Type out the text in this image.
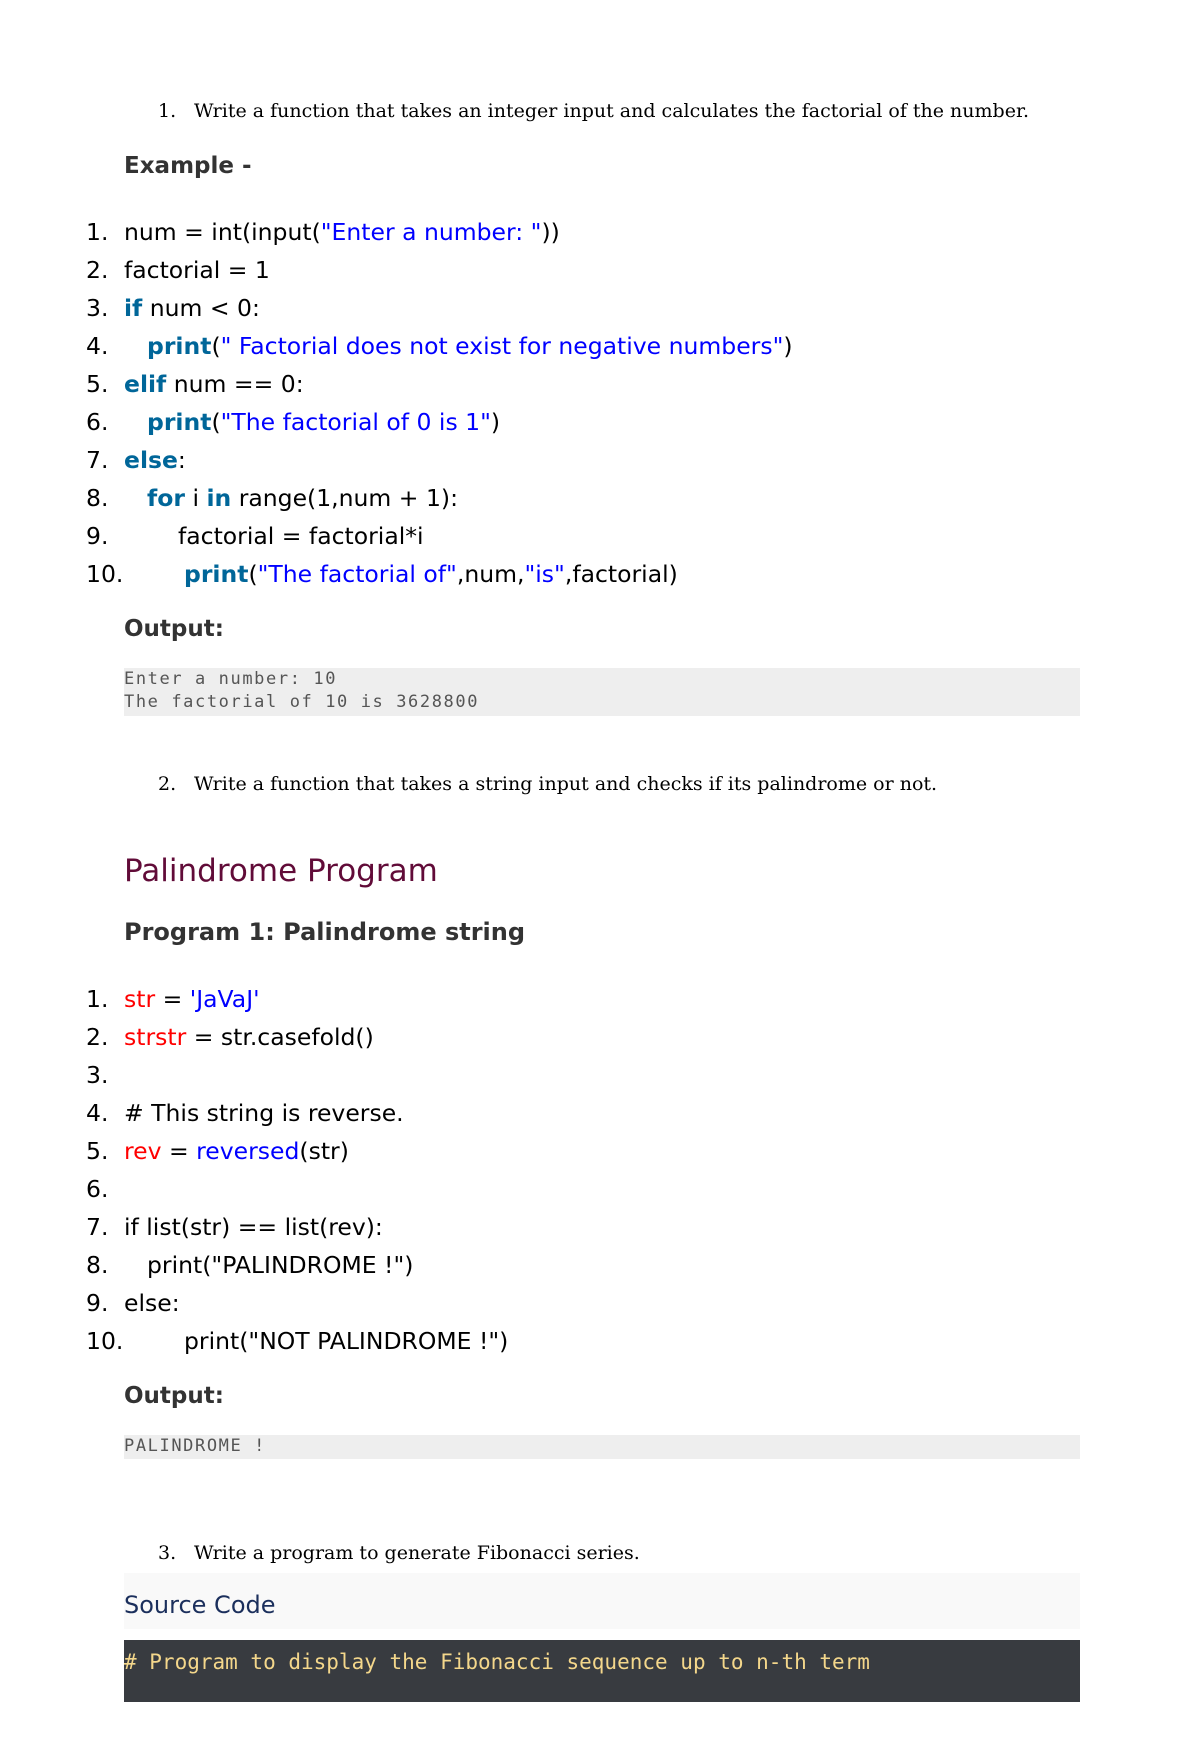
1. Write a function that takes an integer input and calculates the factorial of the number.
Example -
1. num = int(input("Enter a number: "))
2. factorial = 1
3. if num < 0:
4. print(" Factorial does not exist for negative numbers")
5. elif num == 0:
6. print("The factorial of 0 is 1")
7. else:
8. for i in range(1,num + 1):
9.	factorial = factorial*i
10.	print("The factorial of",num,"is",factorial)
Output:
Enter a number: 10
The factorial of 10 is 3628800
2. Write a function that takes a string input and checks if its palindrome or not.
Palindrome Program
Program 1: Palindrome string
1. str = 'JaVaJ'
2. strstr = str.casefold()
3.
4. # This string is reverse.
5. rev = reversed(str)
6.
7. if list(str) == list(rev):
8. print("PALINDROME !")
9. else:
10.	print("NOT PALINDROME !")
Output:
PALINDROME !
3. Write a program to generate Fibonacci series.
Source Code
# Program to display the Fibonacci sequence up to n-th term
